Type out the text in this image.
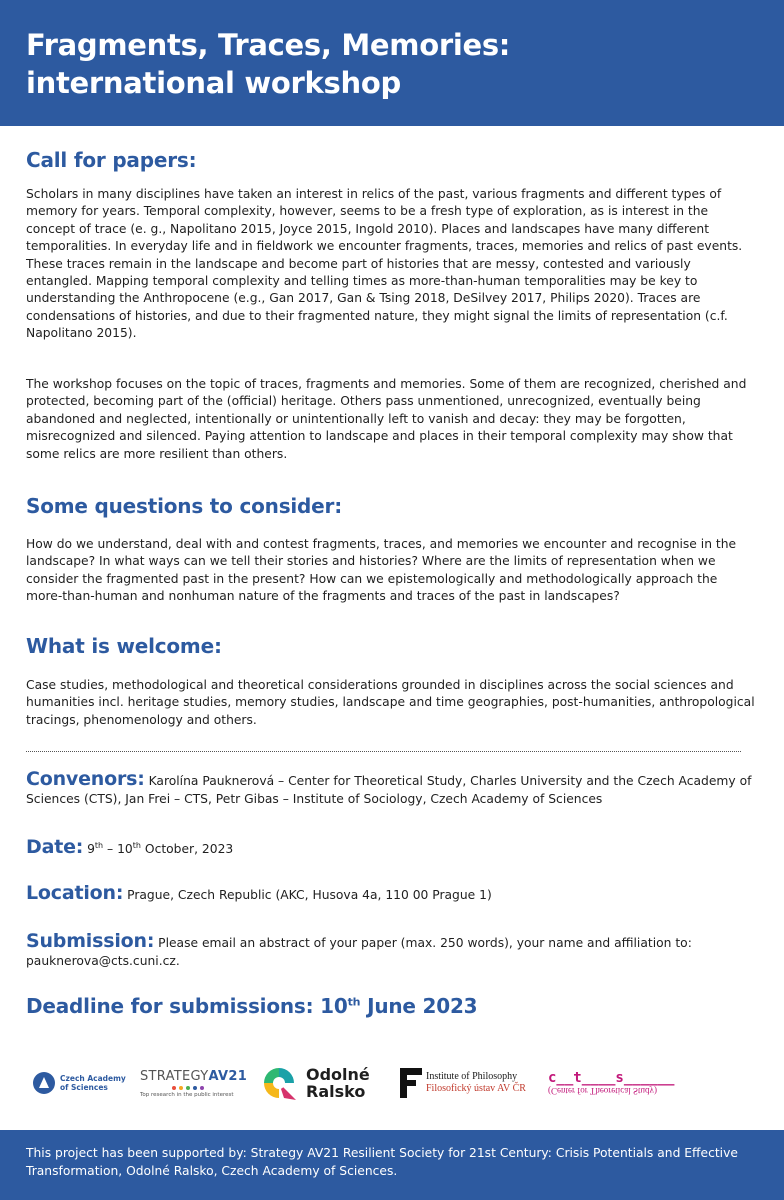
Fragments, Traces, Memories:
international workshop
Call for papers:

Scholars in many disciplines have taken an interest in relics of the past, various fragments and different types of memory for years. Temporal complexity, however, seems to be a fresh type of exploration, as is interest in the concept of trace (e. g., Napolitano 2015, Joyce 2015, Ingold 2010). Places and landscapes have many different temporalities. In everyday life and in fieldwork we encounter fragments, traces, memories and relics of past events. These traces remain in the landscape and become part of histories that are messy, contested and variously entangled. Mapping temporal complexity and telling times as more-than-human temporalities may be key to understanding the Anthropocene (e.g., Gan 2017, Gan & Tsing 2018, DeSilvey 2017, Philips 2020). Traces are condensations of histories, and due to their fragmented nature, they might signal the limits of representation (c.f. Napolitano 2015).

The workshop focuses on the topic of traces, fragments and memories. Some of them are recognized, cherished and protected, becoming part of the (official) heritage. Others pass unmentioned, unrecognized, eventually being abandoned and neglected, intentionally or unintentionally left to vanish and decay: they may be forgotten, misrecognized and silenced. Paying attention to landscape and places in their temporal complexity may show that some relics are more resilient than others.

Some questions to consider:

How do we understand, deal with and contest fragments, traces, and memories we encounter and recognise in the landscape? In what ways can we tell their stories and histories? Where are the limits of representation when we consider the fragmented past in the present? How can we epistemologically and methodologically approach the more-than-human and nonhuman nature of the fragments and traces of the past in landscapes?

What is welcome:

Case studies, methodological and theoretical considerations grounded in disciplines across the social sciences and humanities incl. heritage studies, memory studies, landscape and time geographies, post-humanities, anthropological tracings, phenomenology and others.

Convenors: Karolína Pauknerová – Center for Theoretical Study, Charles University and the Czech Academy of Sciences (CTS), Jan Frei – CTS, Petr Gibas – Institute of Sociology, Czech Academy of Sciences
Date: 9th – 10th October, 2023
Location: Prague, Czech Republic (AKC, Husova 4a, 110 00 Prague 1)
Submission: Please email an abstract of your paper (max. 250 words), your name and affiliation to: pauknerova@cts.cuni.cz.
Deadline for submissions: 10th June 2023
Czech Academy
of Sciences
STRATEGYAV21
Top research in the public interest
Odolné
Ralsko
Institute of Philosophy
Filosofický ústav AV ČR
c__t____s______
(Center for Theoretical Study)

This project has been supported by: Strategy AV21 Resilient Society for 21st Century: Crisis Potentials and Effective Transformation, Odolné Ralsko, Czech Academy of Sciences.
